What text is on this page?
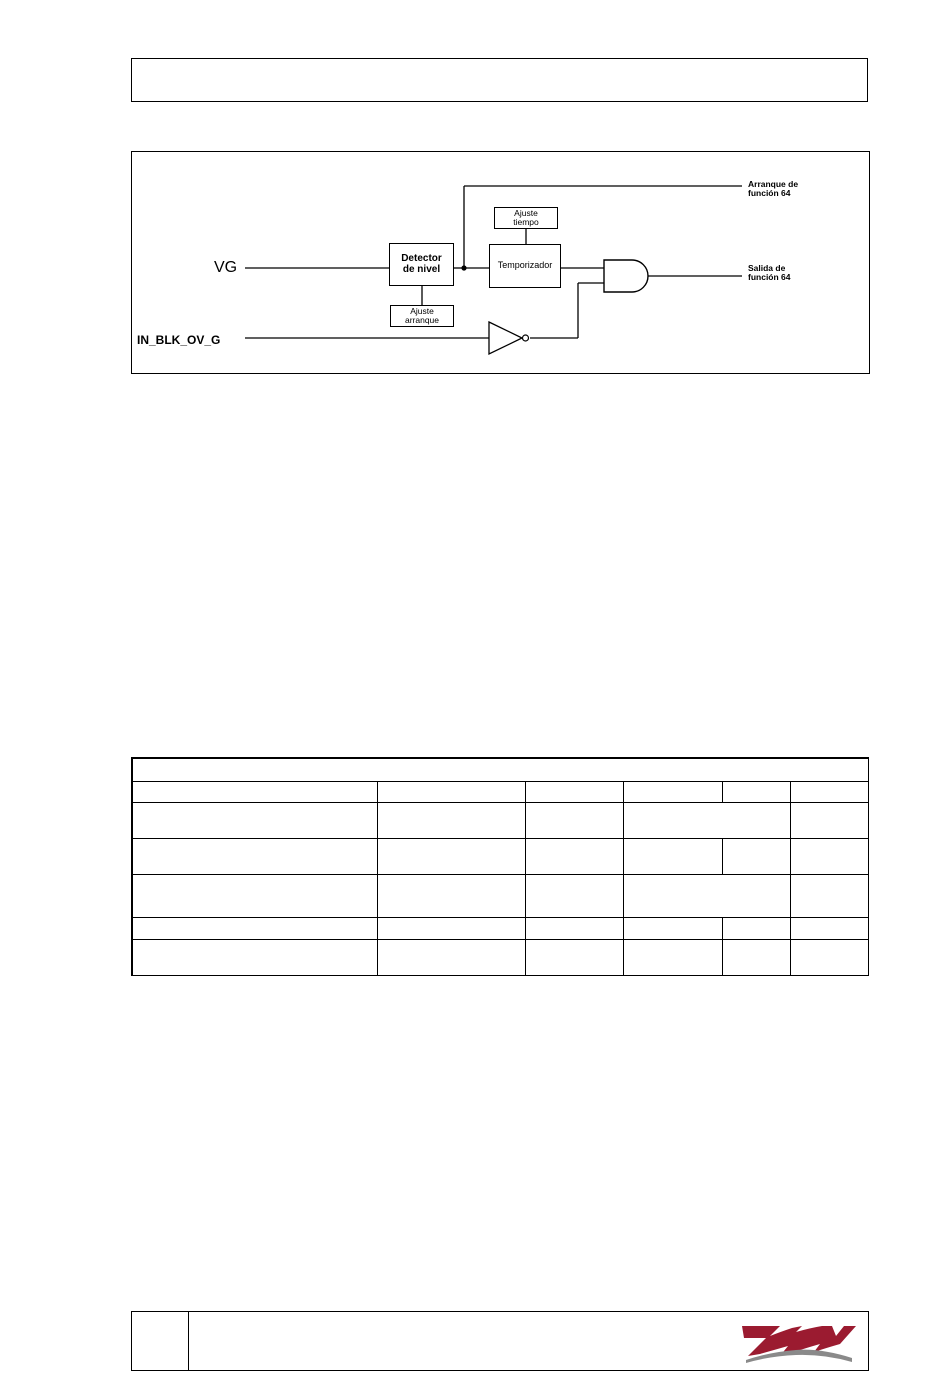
VG
IN_BLK_OV_G
Detector
de nivel
Ajuste
arranque
Ajuste
tiempo
Temporizador
Arranque de
función 64
Salida de
función 64
